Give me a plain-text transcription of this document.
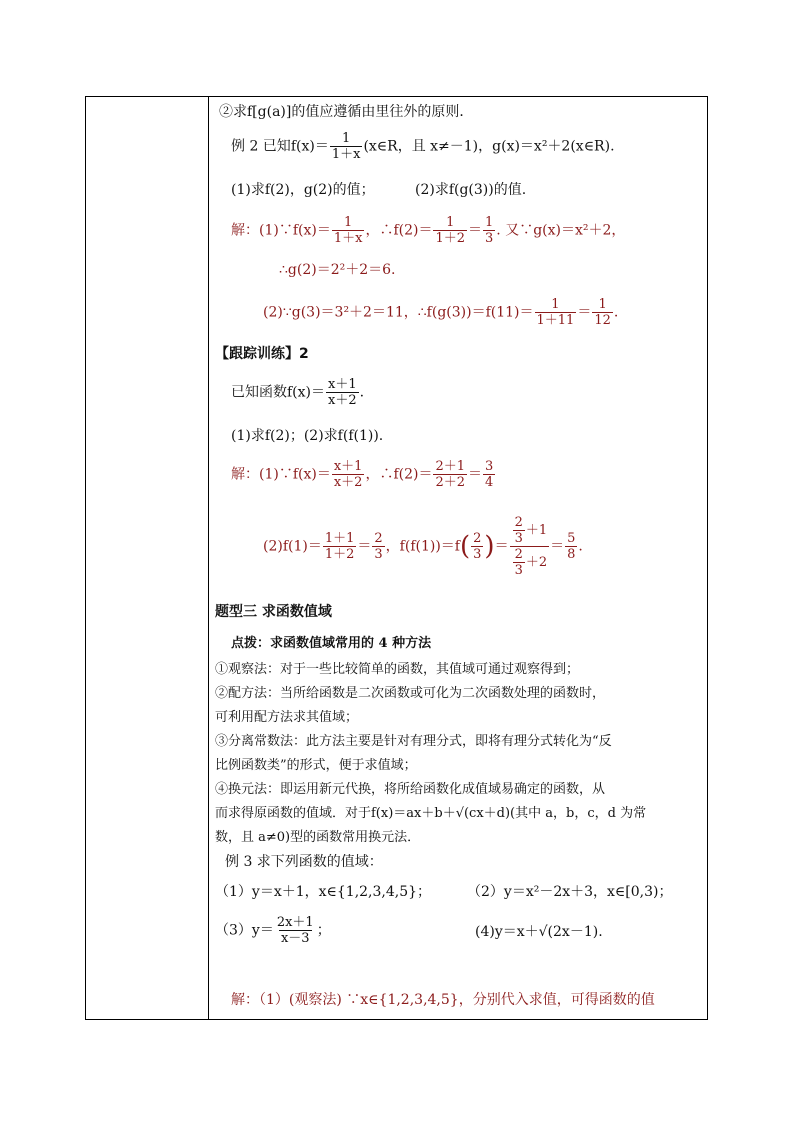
②求f[g(a)]的值应遵循由里往外的原则．
例 2 已知$f(x)= \frac{1}{1+x}$ (x∈R，且 x≠－1)，g(x)＝x²＋2(x∈R).
(1)求f(2)，g(2)的值；	(2)求f(g(3))的值.
解：(1)∵f(x)＝ $\frac{1}{1+x}$ ，∴f(2)＝ $\frac{1}{1+2} = \frac{1}{3}$ . 又∵g(x)＝x²＋2，
∴g(2)＝2²＋2＝6.
(2)∵g(3)＝3²＋2＝11，∴f(g(3))＝f(11)＝ $\frac{1}{1+11} = \frac{1}{12}$ .
【跟踪训练】2
已知函数$f(x)= \frac{x+1}{x+2}$ .
(1)求f(2)；(2)求f(f(1)).
解：(1)∵f(x)＝ $\frac{x+1}{x+2}$ ，∴f(2)＝ $\frac{2+1}{2+2} = \frac{3}{4}$
$(2)f(1)= \frac{1+1}{1+2} = \frac{2}{3}$ ，$f(f(1))=f( \frac{2}{3}$ )＝ $\frac{\frac{2}{3} +1}{\frac{2}{3} +2} = \frac{5}{8}$ .
题型三 求函数值域
点拨：求函数值域常用的 4 种方法
①观察法：对于一些比较简单的函数，其值域可通过观察得到；
②配方法：当所给函数是二次函数或可化为二次函数处理的函数时，
可利用配方法求其值域；
③分离常数法：此方法主要是针对有理分式，即将有理分式转化为“反
比例函数类”的形式，便于求值域；
④换元法：即运用新元代换，将所给函数化成值域易确定的函数，从
而求得原函数的值域．对于f(x)＝ax＋b＋√(cx＋d)(其中 a，b，c，d 为常
数，且 a≠0)型的函数常用换元法．
例 3 求下列函数的值域：
（1）y＝x＋1，x∈{1,2,3,4,5}；	（2）y＝x²－2x＋3，x∈[0,3)；
$(3)y= \frac{2x+1}{x-3}$ ；	(4)y＝x＋√(2x－1).
解：（1）(观察法) ∵x∈{1,2,3,4,5}，分别代入求值，可得函数的值
